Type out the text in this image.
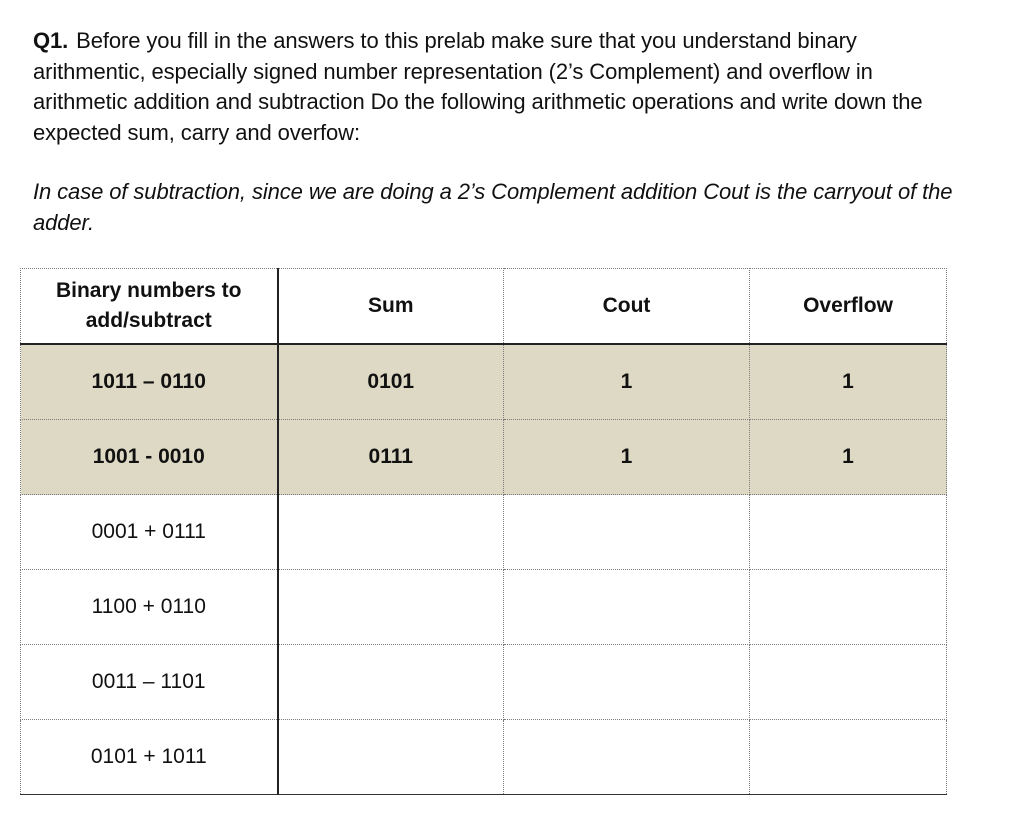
Q1. Before you fill in the answers to this prelab make sure that you understand binary arithmentic, especially signed number representation (2’s Complement) and overflow in arithmetic addition and subtraction Do the following arithmetic operations and write down the expected sum, carry and overfow:
In case of subtraction, since we are doing a 2’s Complement addition Cout is the carryout of the adder.
Binary numbers to add/subtract	Sum	Cout	Overflow
1011 – 0110	0101	1	1
1001 - 0010	0111	1	1
0001 + 0111			
1100 + 0110			
0011 – 1101			
0101 + 1011			
